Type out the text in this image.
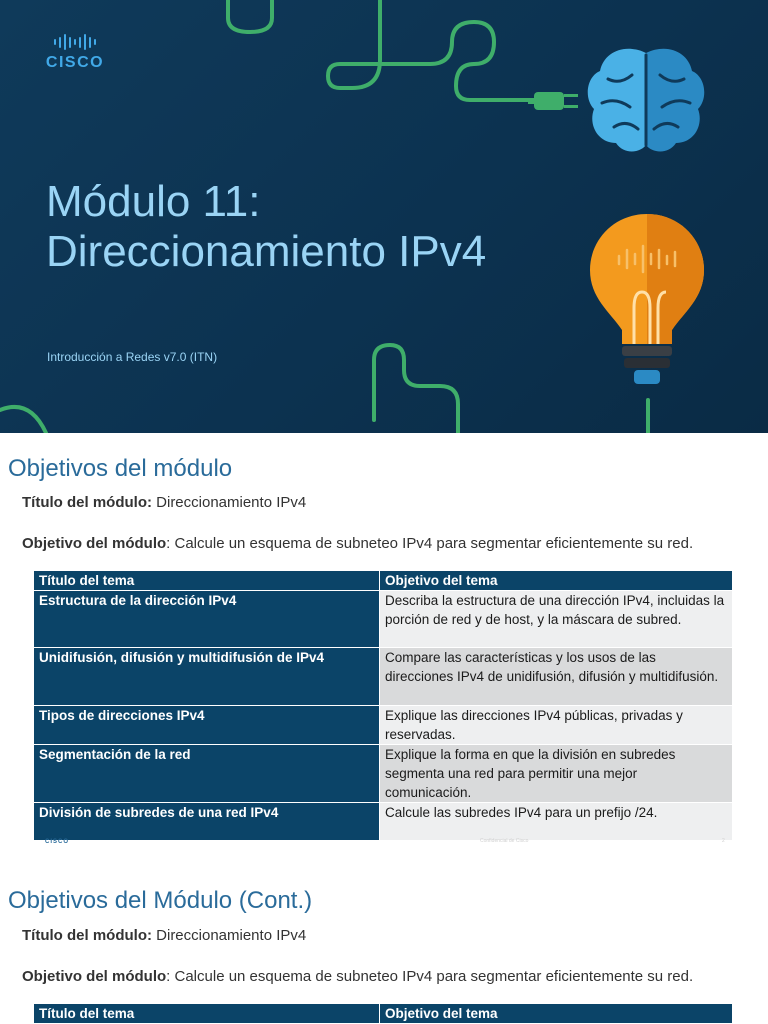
CISCO
Módulo 11:
Direccionamiento IPv4
Introducción a Redes v7.0 (ITN)
Objetivos del módulo
Título del módulo: Direccionamiento IPv4
Objetivo del módulo: Calcule un esquema de subneteo IPv4 para segmentar eficientemente su red.
Título del tema	Objetivo del tema
Estructura de la dirección IPv4	Describa la estructura de una dirección IPv4, incluidas la porción de red y de host, y la máscara de subred.
Unidifusión, difusión y multidifusión de IPv4	Compare las características y los usos de las direcciones IPv4 de unidifusión, difusión y multidifusión.
Tipos de direcciones IPv4	Explique las direcciones IPv4 públicas, privadas y reservadas.
Segmentación de la red	Explique la forma en que la división en subredes segmenta una red para permitir una mejor comunicación.
División de subredes de una red IPv4	Calcule las subredes IPv4 para un prefijo /24.
CISCO	Confidencial de Cisco	2
Objetivos del Módulo (Cont.)
Título del módulo: Direccionamiento IPv4
Objetivo del módulo: Calcule un esquema de subneteo IPv4 para segmentar eficientemente su red.
Título del tema	Objetivo del tema
